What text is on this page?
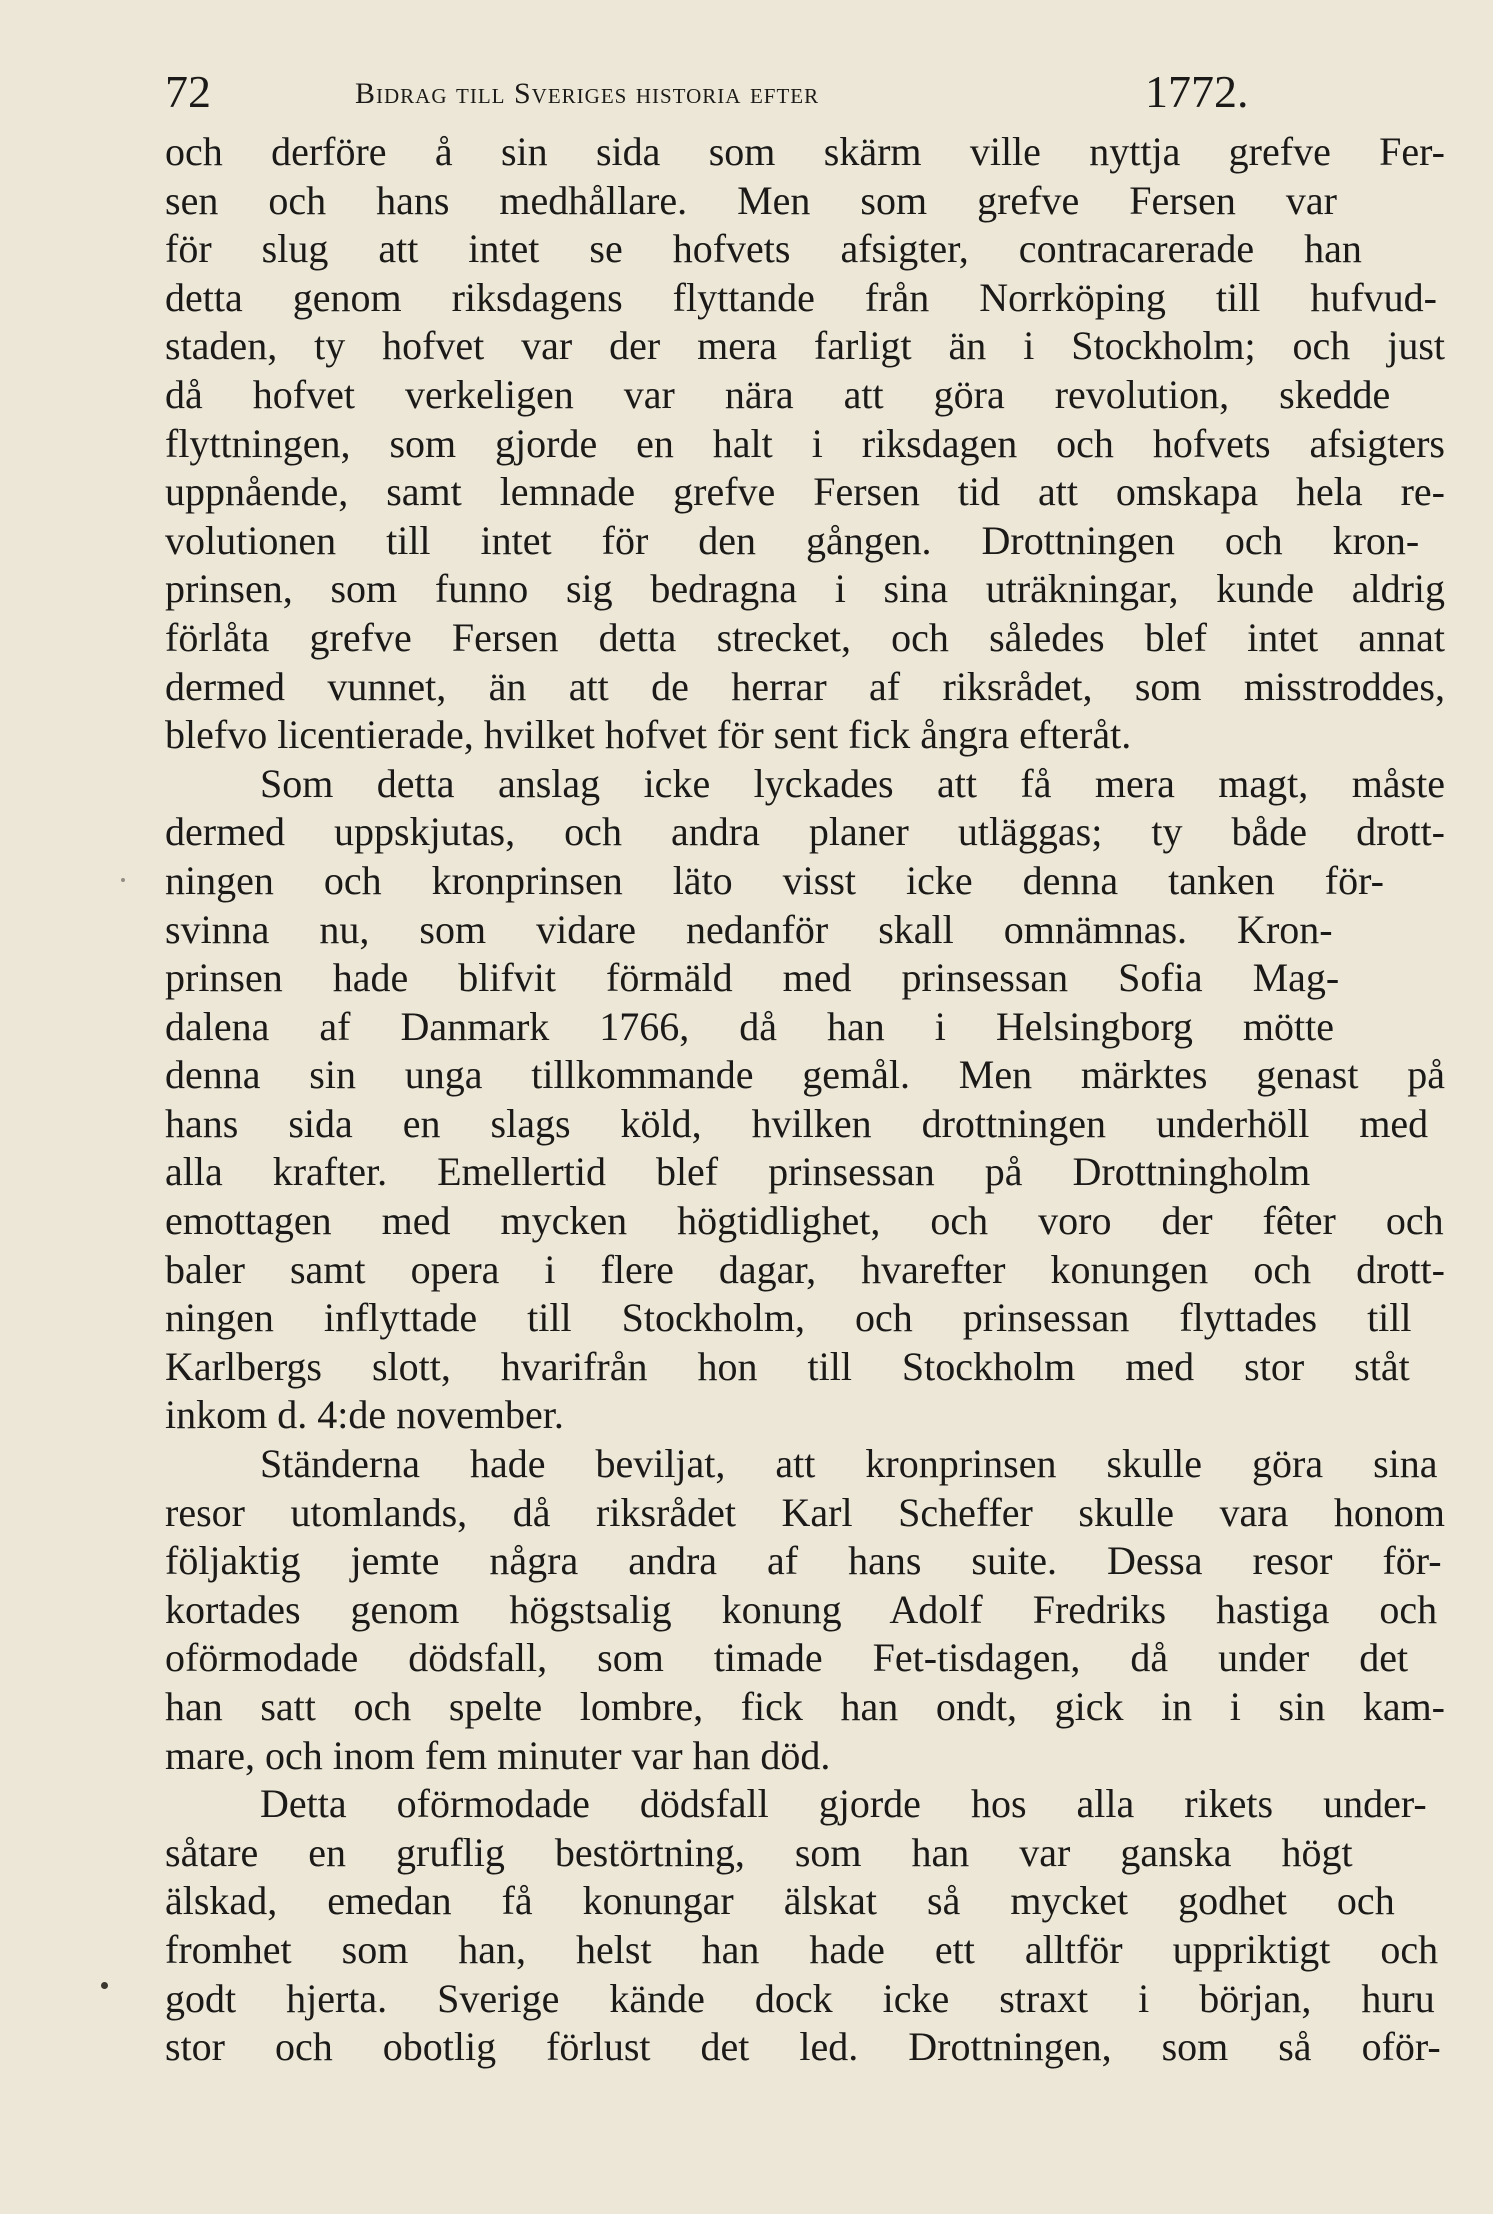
72	Bidrag till Sveriges historia efter	1772.
och derföre å sin sida som skärm ville nyttja grefve Fer-
sen och hans medhållare. Men som grefve Fersen var
för slug att intet se hofvets afsigter, contracarerade han
detta genom riksdagens flyttande från Norrköping till hufvud-
staden, ty hofvet var der mera farligt än i Stockholm; och just
då hofvet verkeligen var nära att göra revolution, skedde
flyttningen, som gjorde en halt i riksdagen och hofvets afsigters
uppnående, samt lemnade grefve Fersen tid att omskapa hela re-
volutionen till intet för den gången. Drottningen och kron-
prinsen, som funno sig bedragna i sina uträkningar, kunde aldrig
förlåta grefve Fersen detta strecket, och således blef intet annat
dermed vunnet, än att de herrar af riksrådet, som misstroddes,
blefvo licentierade, hvilket hofvet för sent fick ångra efteråt.
Som detta anslag icke lyckades att få mera magt, måste
dermed uppskjutas, och andra planer utläggas; ty både drott-
ningen och kronprinsen läto visst icke denna tanken för-
svinna nu, som vidare nedanför skall omnämnas. Kron-
prinsen hade blifvit förmäld med prinsessan Sofia Mag-
dalena af Danmark 1766, då han i Helsingborg mötte
denna sin unga tillkommande gemål. Men märktes genast på
hans sida en slags köld, hvilken drottningen underhöll med
alla krafter. Emellertid blef prinsessan på Drottningholm
emottagen med mycken högtidlighet, och voro der fêter och
baler samt opera i flere dagar, hvarefter konungen och drott-
ningen inflyttade till Stockholm, och prinsessan flyttades till
Karlbergs slott, hvarifrån hon till Stockholm med stor ståt
inkom d. 4:de november.
Ständerna hade beviljat, att kronprinsen skulle göra sina
resor utomlands, då riksrådet Karl Scheffer skulle vara honom
följaktig jemte några andra af hans suite. Dessa resor för-
kortades genom högstsalig konung Adolf Fredriks hastiga och
oförmodade dödsfall, som timade Fet-tisdagen, då under det
han satt och spelte lombre, fick han ondt, gick in i sin kam-
mare, och inom fem minuter var han död.
Detta oförmodade dödsfall gjorde hos alla rikets under-
såtare en gruflig bestörtning, som han var ganska högt
älskad, emedan få konungar älskat så mycket godhet och
fromhet som han, helst han hade ett alltför uppriktigt och
godt hjerta. Sverige kände dock icke straxt i början, huru
stor och obotlig förlust det led. Drottningen, som så oför-
